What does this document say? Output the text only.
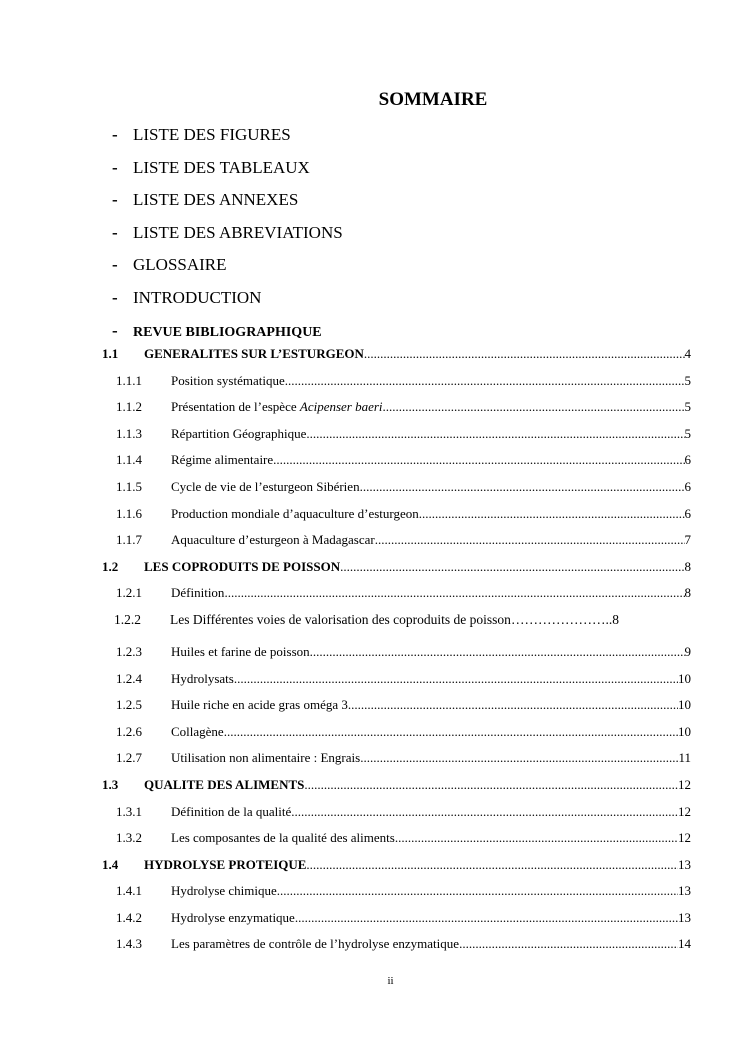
SOMMAIRE
- LISTE DES FIGURES
- LISTE DES TABLEAUX
- LISTE DES ANNEXES
- LISTE DES ABREVIATIONS
- GLOSSAIRE
- INTRODUCTION
- REVUE BIBLIOGRAPHIQUE
1.1	GENERALITES SUR L’ESTURGEON .....	4
1.1.1	Position systématique .....	5
1.1.2	Présentation de l’espèce Acipenser baeri .....	5
1.1.3	Répartition Géographique .....	5
1.1.4	Régime alimentaire .....	6
1.1.5	Cycle de vie de l’esturgeon Sibérien .....	6
1.1.6	Production mondiale d’aquaculture d’esturgeon .....	6
1.1.7	Aquaculture d’esturgeon à Madagascar .....	7
1.2	LES COPRODUITS DE POISSON .....	8
1.2.1	Définition .....	8
1.2.2	Les Différentes voies de valorisation des coproduits de poisson ………………….. 8
1.2.3	Huiles et farine de poisson .....	9
1.2.4	Hydrolysats .....	10
1.2.5	Huile riche en acide gras oméga 3 .....	10
1.2.6	Collagène .....	10
1.2.7	Utilisation non alimentaire : Engrais .....	11
1.3	QUALITE DES ALIMENTS .....	12
1.3.1	Définition de la qualité .....	12
1.3.2	Les composantes de la qualité des aliments .....	12
1.4	HYDROLYSE PROTEIQUE .....	13
1.4.1	Hydrolyse chimique .....	13
1.4.2	Hydrolyse enzymatique .....	13
1.4.3	Les paramètres de contrôle de l’hydrolyse enzymatique .....	14
ii
